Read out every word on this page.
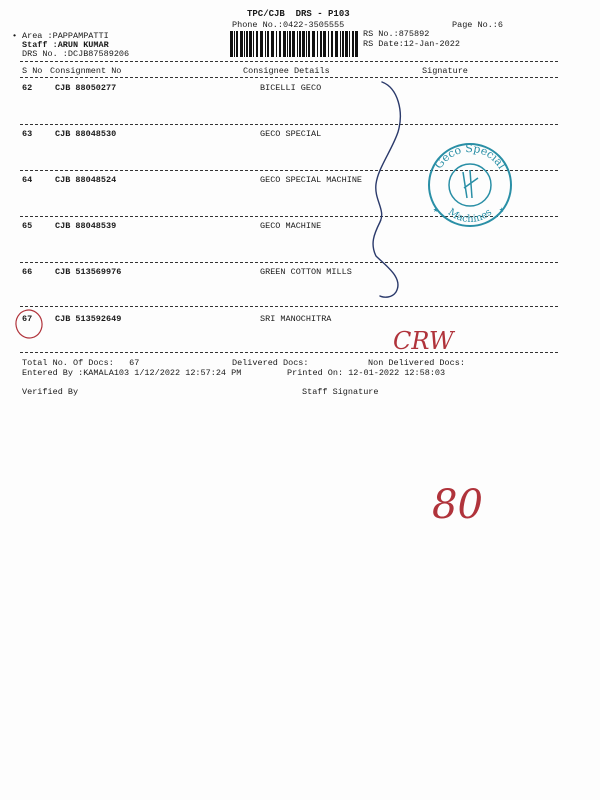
TPC/CJB  DRS - P103
Phone No.:0422-3505555	Page No.:6
• Area :PAPPAMPATTI
Staff :ARUN KUMAR
DRS No. :DCJB87589206
RS No.:875892
RS Date:12-Jan-2022
S No Consignment No	Consignee Details	Signature
62	CJB 88050277	BICELLI GECO
63	CJB 88048530	GECO SPECIAL
64	CJB 88048524	GECO SPECIAL MACHINE
65	CJB 88048539	GECO MACHINE
66	CJB 513569976	GREEN COTTON MILLS
67	CJB 513592649	SRI MANOCHITRA
Total No. Of Docs:   67	Delivered Docs:	Non Delivered Docs:
Entered By :KAMALA103 1/12/2022 12:57:24 PM	Printed On: 12-01-2022 12:58:03
Verified By	Staff Signature
Geco Special
Machines
★	★
CRW
80
